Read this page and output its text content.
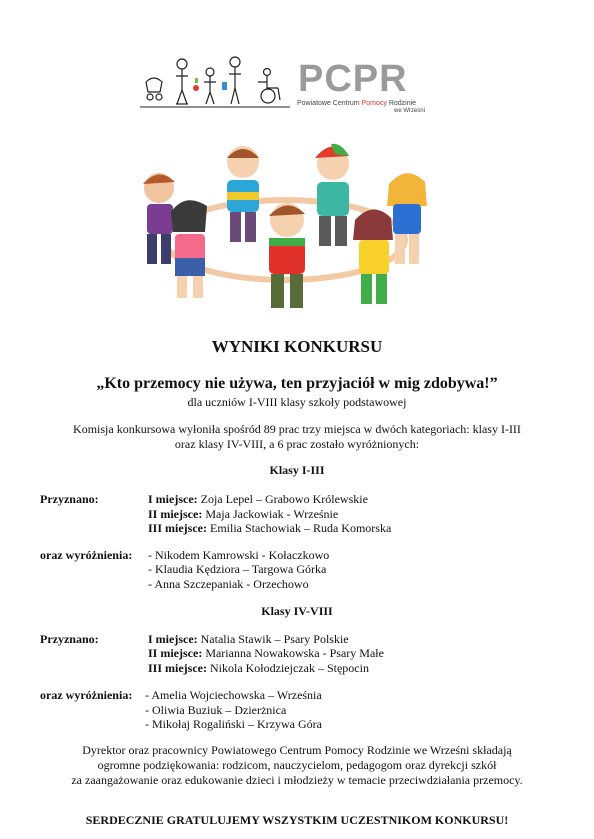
PCPR
Powiatowe Centrum Pomocy Rodzinie
we Wrześni
WYNIKI KONKURSU
„Kto przemocy nie używa, ten przyjaciół w mig zdobywa!”
dla uczniów I-VIII klasy szkoły podstawowej
Komisja konkursowa wyłoniła spośród 89 prac trzy miejsca w dwóch kategoriach: klasy I-III
oraz klasy IV-VIII, a 6 prac zostało wyróżnionych:
Klasy I-III
Przyznano:	I miejsce: Zoja Lepel – Grabowo Królewskie
II miejsce: Maja Jackowiak - Wrześnie
III miejsce: Emilia Stachowiak – Ruda Komorska
oraz wyróżnienia: - Nikodem Kamrowski - Kołaczkowo
- Klaudia Kędziora – Targowa Górka
- Anna Szczepaniak - Orzechowo
Klasy IV-VIII
Przyznano:	I miejsce: Natalia Stawik – Psary Polskie
II miejsce: Marianna Nowakowska - Psary Małe
III miejsce: Nikola Kołodziejczak – Stępocin
oraz wyróżnienia: - Amelia Wojciechowska – Września
- Oliwia Buziuk – Dzierżnica
- Mikołaj Rogaliński – Krzywa Góra
Dyrektor oraz pracownicy Powiatowego Centrum Pomocy Rodzinie we Wrześni składają
ogromne podziękowania: rodzicom, nauczycielom, pedagogom oraz dyrekcji szkół
za zaangażowanie oraz edukowanie dzieci i młodzieży w temacie przeciwdziałania przemocy.
SERDECZNIE GRATULUJEMY WSZYSTKIM UCZESTNIKOM KONKURSU!
